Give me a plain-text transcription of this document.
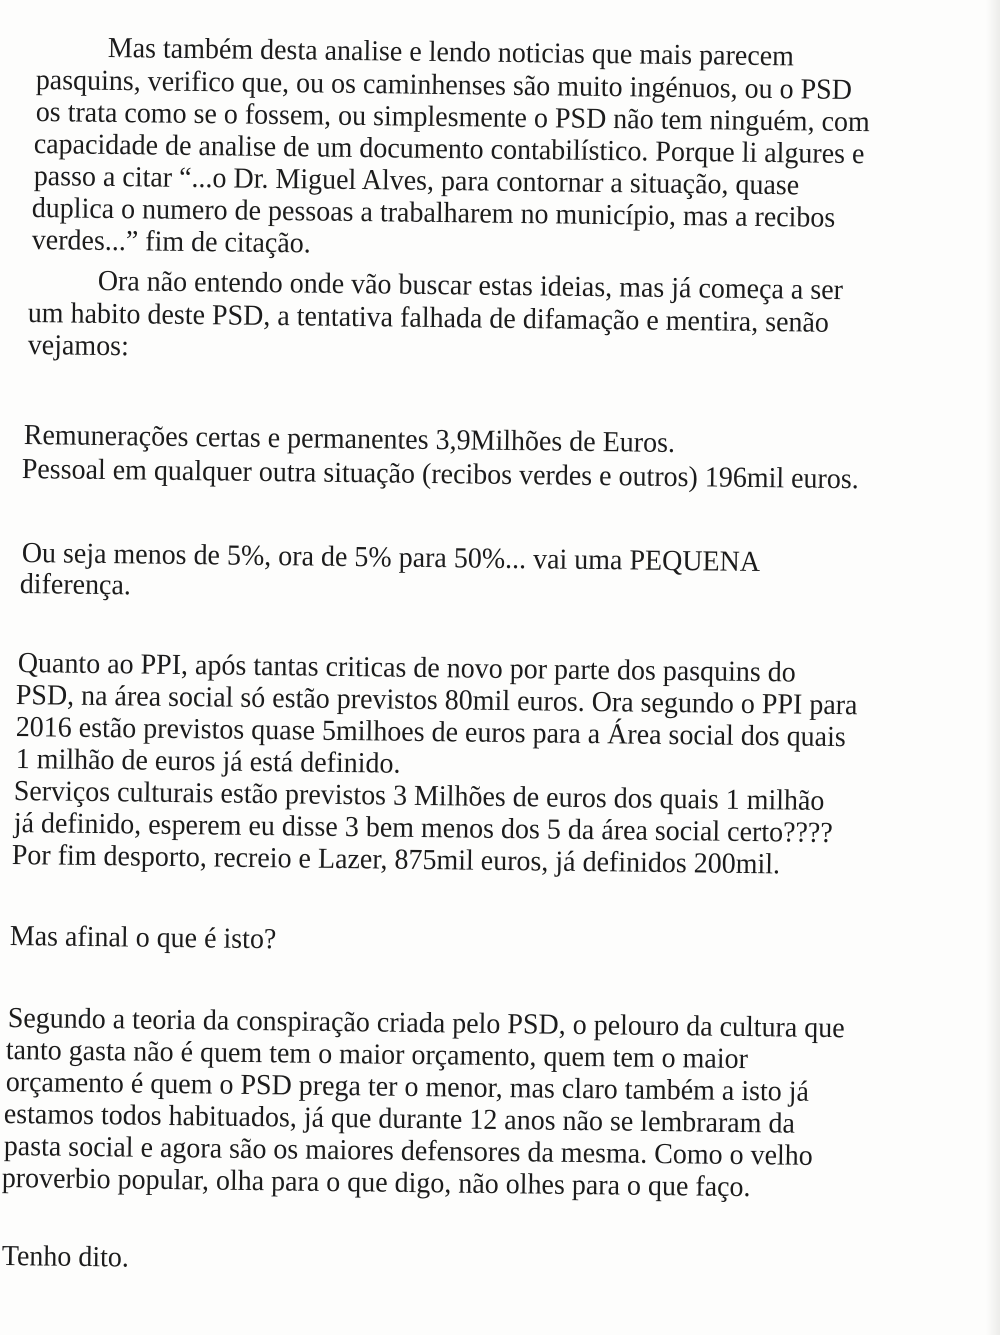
Mas também desta analise e lendo noticias que mais parecem

pasquins, verifico que, ou os caminhenses são muito ingénuos, ou o PSD

os trata como se o fossem, ou simplesmente o PSD não tem ninguém, com

capacidade de analise de um documento contabilístico. Porque li algures e

passo a citar “...o Dr. Miguel Alves, para contornar a situação, quase

duplica o numero de pessoas a trabalharem no município, mas a recibos

verdes...” fim de citação.

Ora não entendo onde vão buscar estas ideias, mas já começa a ser

um habito deste PSD, a tentativa falhada de difamação e mentira, senão

vejamos:

Remunerações certas e permanentes 3,9Milhões de Euros.

Pessoal em qualquer outra situação (recibos verdes e outros) 196mil euros.

Ou seja menos de 5%, ora de 5% para 50%... vai uma PEQUENA

diferença.

Quanto ao PPI, após tantas criticas de novo por parte dos pasquins do

PSD, na área social só estão previstos 80mil euros. Ora segundo o PPI para

2016 estão previstos quase 5milhoes de euros para a Área social dos quais

1 milhão de euros já está definido.

Serviços culturais estão previstos 3 Milhões de euros dos quais 1 milhão

já definido, esperem eu disse 3 bem menos dos 5 da área social certo????

Por fim desporto, recreio e Lazer, 875mil euros, já definidos 200mil.

Mas afinal o que é isto?

Segundo a teoria da conspiração criada pelo PSD, o pelouro da cultura que

tanto gasta não é quem tem o maior orçamento, quem tem o maior

orçamento é quem o PSD prega ter o menor, mas claro também a isto já

estamos todos habituados, já que durante 12 anos não se lembraram da

pasta social e agora são os maiores defensores da mesma. Como o velho

proverbio popular, olha para o que digo, não olhes para o que faço.

Tenho dito.
